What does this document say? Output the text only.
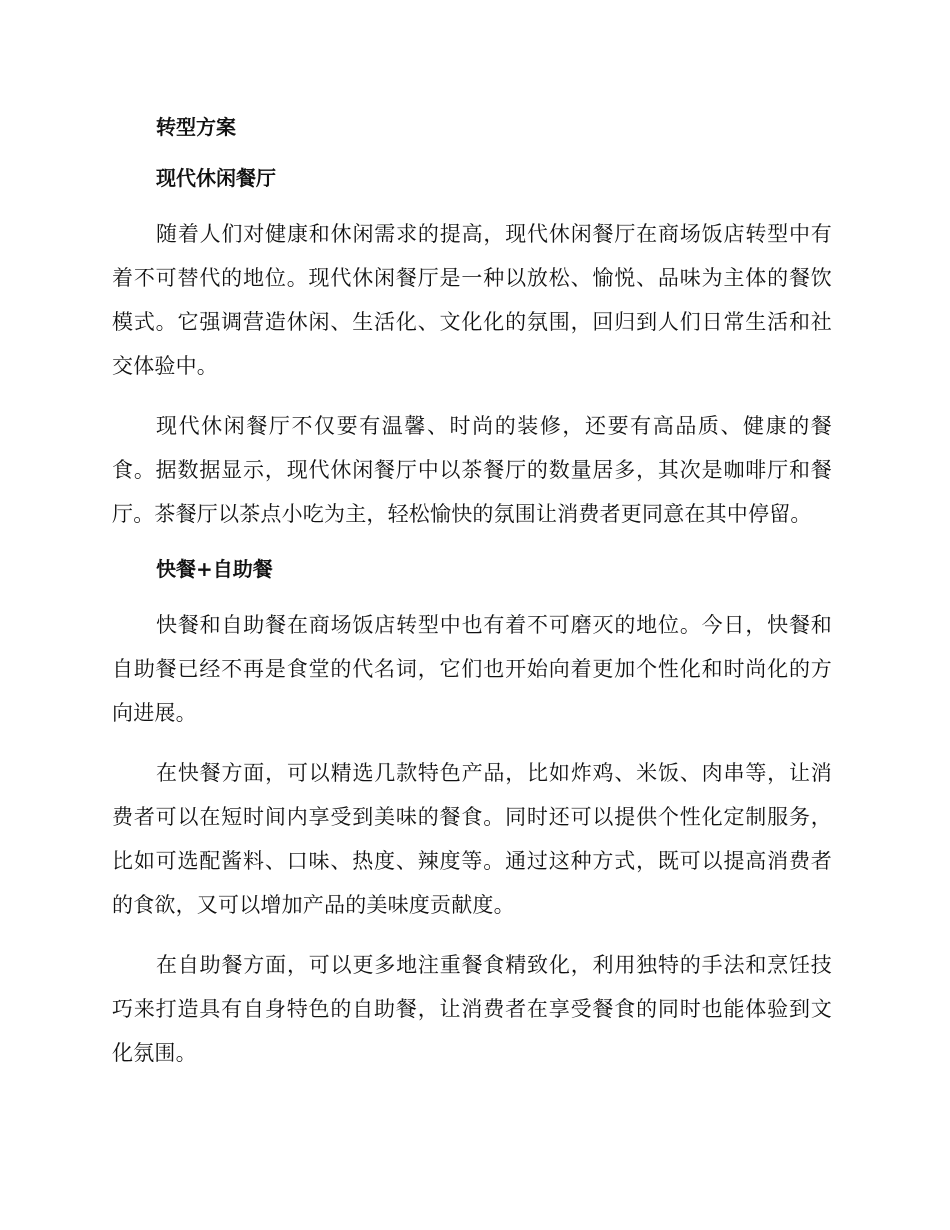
转型方案
现代休闲餐厅

随着人们对健康和休闲需求的提高，现代休闲餐厅在商场饭店转型中有着不可替代的地位。现代休闲餐厅是一种以放松、愉悦、品味为主体的餐饮模式。它强调营造休闲、生活化、文化化的氛围，回归到人们日常生活和社交体验中。

现代休闲餐厅不仅要有温馨、时尚的装修，还要有高品质、健康的餐食。据数据显示，现代休闲餐厅中以茶餐厅的数量居多，其次是咖啡厅和餐厅。茶餐厅以茶点小吃为主，轻松愉快的氛围让消费者更同意在其中停留。

快餐+自助餐

快餐和自助餐在商场饭店转型中也有着不可磨灭的地位。今日，快餐和自助餐已经不再是食堂的代名词，它们也开始向着更加个性化和时尚化的方向进展。

在快餐方面，可以精选几款特色产品，比如炸鸡、米饭、肉串等，让消费者可以在短时间内享受到美味的餐食。同时还可以提供个性化定制服务，比如可选配酱料、口味、热度、辣度等。通过这种方式，既可以提高消费者的食欲，又可以增加产品的美味度贡献度。

在自助餐方面，可以更多地注重餐食精致化，利用独特的手法和烹饪技巧来打造具有自身特色的自助餐，让消费者在享受餐食的同时也能体验到文化氛围。
